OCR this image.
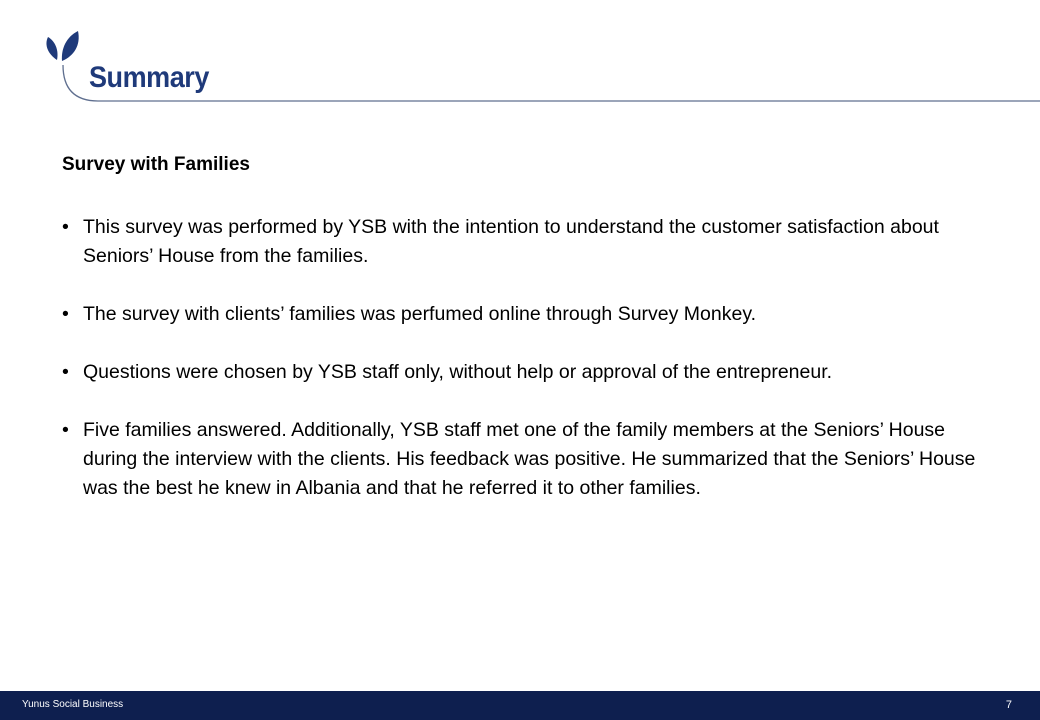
Summary
Survey with Families
• This survey was performed by YSB with the intention to understand the customer satisfaction about Seniors’ House from the families.
• The survey with clients’ families was perfumed online through Survey Monkey.
• Questions were chosen by YSB staff only, without help or approval of the entrepreneur.
• Five families answered. Additionally, YSB staff met one of the family members at the Seniors’ House during the interview with the clients. His feedback was positive. He summarized that the Seniors’ House was the best he knew in Albania and that he referred it to other families.
Yunus Social Business	7
